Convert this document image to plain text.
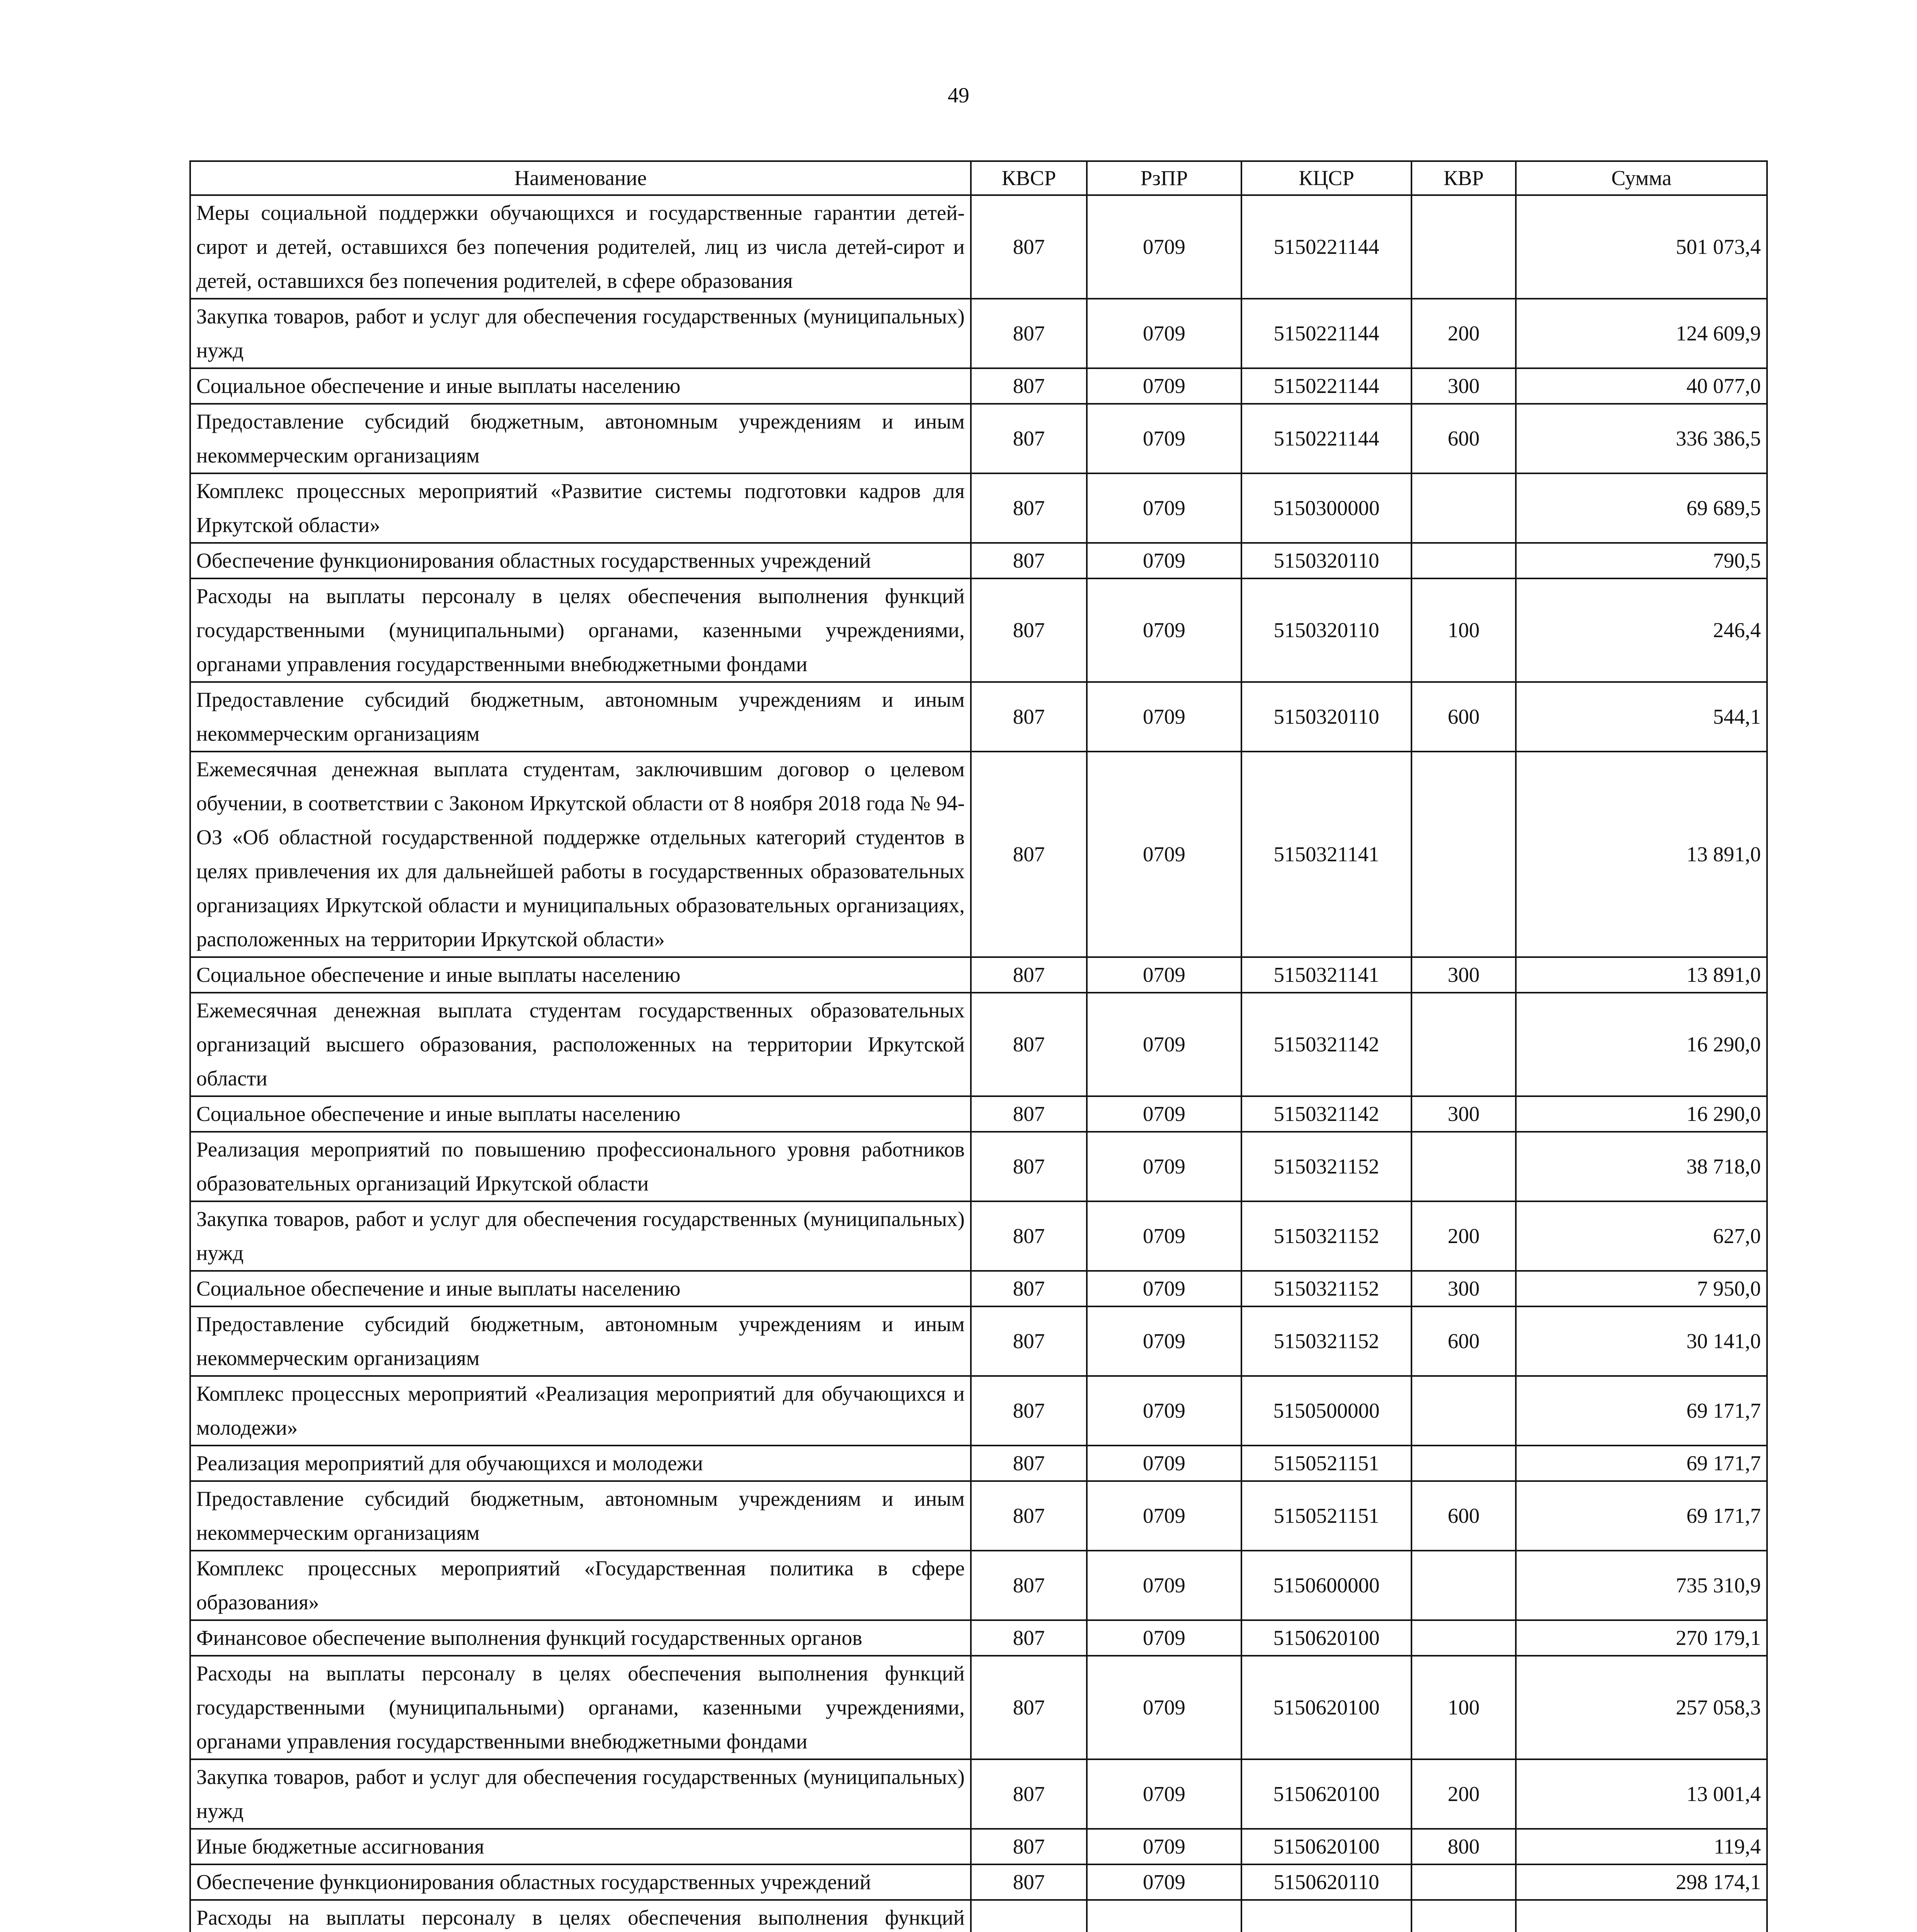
49
Наименование	КВСР	РзПР	КЦСР	КВР	Сумма
Меры социальной поддержки обучающихся и государственные гарантии детей-сирот и детей, оставшихся без попечения родителей, лиц из числа детей-сирот и детей, оставшихся без попечения родителей, в сфере образования	807	0709	5150221144		501 073,4
Закупка товаров, работ и услуг для обеспечения государственных (муниципальных) нужд	807	0709	5150221144	200	124 609,9
Социальное обеспечение и иные выплаты населению	807	0709	5150221144	300	40 077,0
Предоставление субсидий бюджетным, автономным учреждениям и иным некоммерческим организациям	807	0709	5150221144	600	336 386,5
Комплекс процессных мероприятий «Развитие системы подготовки кадров для Иркутской области»	807	0709	5150300000		69 689,5
Обеспечение функционирования областных государственных учреждений	807	0709	5150320110		790,5
Расходы на выплаты персоналу в целях обеспечения выполнения функций государственными (муниципальными) органами, казенными учреждениями, органами управления государственными внебюджетными фондами	807	0709	5150320110	100	246,4
Предоставление субсидий бюджетным, автономным учреждениям и иным некоммерческим организациям	807	0709	5150320110	600	544,1
Ежемесячная денежная выплата студентам, заключившим договор о целевом обучении, в соответствии с Законом Иркутской области от 8 ноября 2018 года № 94-ОЗ «Об областной государственной поддержке отдельных категорий студентов в целях привлечения их для дальнейшей работы в государственных образовательных организациях Иркутской области и муниципальных образовательных организациях, расположенных на территории Иркутской области»	807	0709	5150321141		13 891,0
Социальное обеспечение и иные выплаты населению	807	0709	5150321141	300	13 891,0
Ежемесячная денежная выплата студентам государственных образовательных организаций высшего образования, расположенных на территории Иркутской области	807	0709	5150321142		16 290,0
Социальное обеспечение и иные выплаты населению	807	0709	5150321142	300	16 290,0
Реализация мероприятий по повышению профессионального уровня работников образовательных организаций Иркутской области	807	0709	5150321152		38 718,0
Закупка товаров, работ и услуг для обеспечения государственных (муниципальных) нужд	807	0709	5150321152	200	627,0
Социальное обеспечение и иные выплаты населению	807	0709	5150321152	300	7 950,0
Предоставление субсидий бюджетным, автономным учреждениям и иным некоммерческим организациям	807	0709	5150321152	600	30 141,0
Комплекс процессных мероприятий «Реализация мероприятий для обучающихся и молодежи»	807	0709	5150500000		69 171,7
Реализация мероприятий для обучающихся и молодежи	807	0709	5150521151		69 171,7
Предоставление субсидий бюджетным, автономным учреждениям и иным некоммерческим организациям	807	0709	5150521151	600	69 171,7
Комплекс процессных мероприятий «Государственная политика в сфере образования»	807	0709	5150600000		735 310,9
Финансовое обеспечение выполнения функций государственных органов	807	0709	5150620100		270 179,1
Расходы на выплаты персоналу в целях обеспечения выполнения функций государственными (муниципальными) органами, казенными учреждениями, органами управления государственными внебюджетными фондами	807	0709	5150620100	100	257 058,3
Закупка товаров, работ и услуг для обеспечения государственных (муниципальных) нужд	807	0709	5150620100	200	13 001,4
Иные бюджетные ассигнования	807	0709	5150620100	800	119,4
Обеспечение функционирования областных государственных учреждений	807	0709	5150620110		298 174,1
Расходы на выплаты персоналу в целях обеспечения выполнения функций					
